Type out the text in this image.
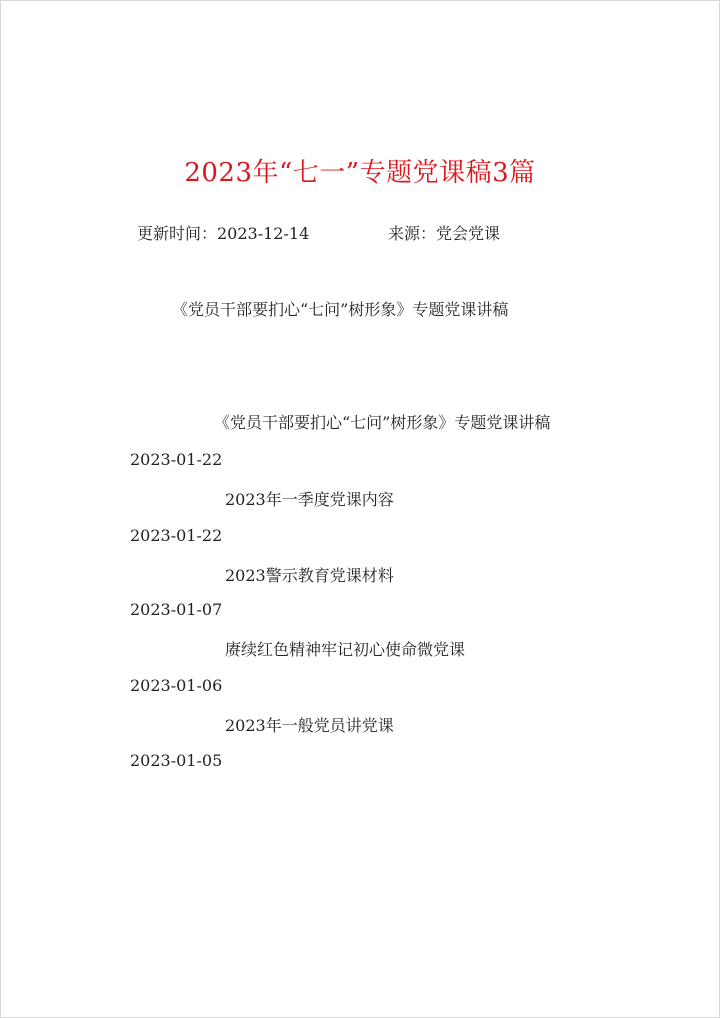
2023年“七一”专题党课稿3篇
更新时间：2023-12-14	来源：党会党课
《党员干部要扪心“七问”树形象》专题党课讲稿
《党员干部要扪心“七问”树形象》专题党课讲稿
2023-01-22
2023年一季度党课内容
2023-01-22
2023警示教育党课材料
2023-01-07
赓续红色精神牢记初心使命微党课
2023-01-06
2023年一般党员讲党课
2023-01-05
